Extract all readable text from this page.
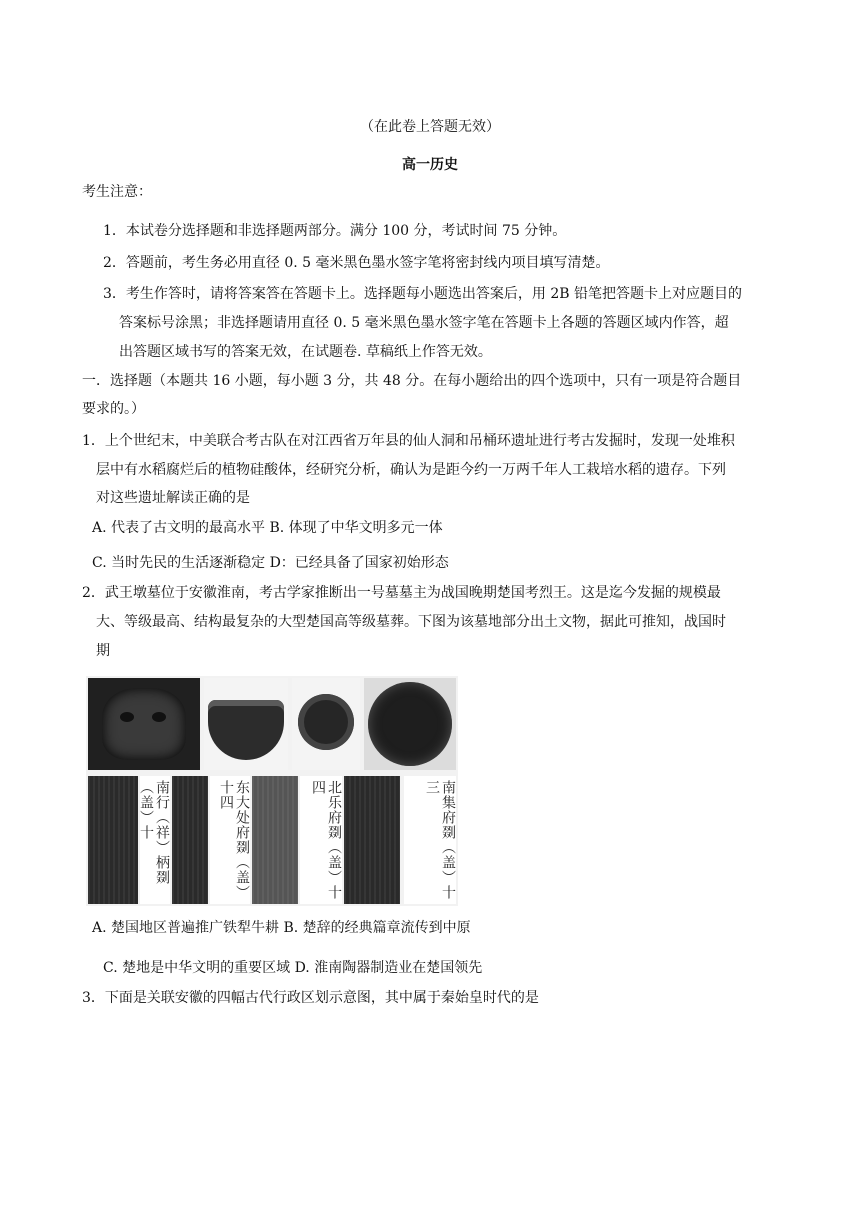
（在此卷上答题无效）
高一历史
考生注意：
1．本试卷分选择题和非选择题两部分。满分 100 分，考试时间 75 分钟。
2．答题前，考生务必用直径 0. 5 毫米黑色墨水签字笔将密封线内项目填写清楚。
3．考生作答时，请将答案答在答题卡上。选择题每小题选出答案后，用 2B 铅笔把答题卡上对应题目的
答案标号涂黑；非选择题请用直径 0. 5 毫米黑色墨水签字笔在答题卡上各题的答题区域内作答，超
出答题区域书写的答案无效，在试题卷. 草稿纸上作答无效。
一．选择题（本题共 16 小题，每小题 3 分，共 48 分。在每小题给出的四个选项中，只有一项是符合题目
要求的。）
1．上个世纪末，中美联合考古队在对江西省万年县的仙人洞和吊桶环遗址进行考古发掘时，发现一处堆积
层中有水稻腐烂后的植物硅酸体，经研究分析，确认为是距今约一万两千年人工栽培水稻的遗存。下列
对这些遗址解读正确的是
A. 代表了古文明的最高水平 B. 体现了中华文明多元一体
C. 当时先民的生活逐渐稳定 D：已经具备了国家初始形态
2．武王墩墓位于安徽淮南，考古学家推断出一号墓墓主为战国晚期楚国考烈王。这是迄今发掘的规模最
大、等级最高、结构最复杂的大型楚国高等级墓葬。下图为该墓地部分出土文物，据此可推知，战国时
期
南行（祥）柄剟（盖）十	东大处府剟（盖）十四	北乐府剟（盖）十四	南集府剟（盖）十三
A. 楚国地区普遍推广铁犁牛耕 B. 楚辞的经典篇章流传到中原
C. 楚地是中华文明的重要区域 D. 淮南陶器制造业在楚国领先
3．下面是关联安徽的四幅古代行政区划示意图，其中属于秦始皇时代的是
